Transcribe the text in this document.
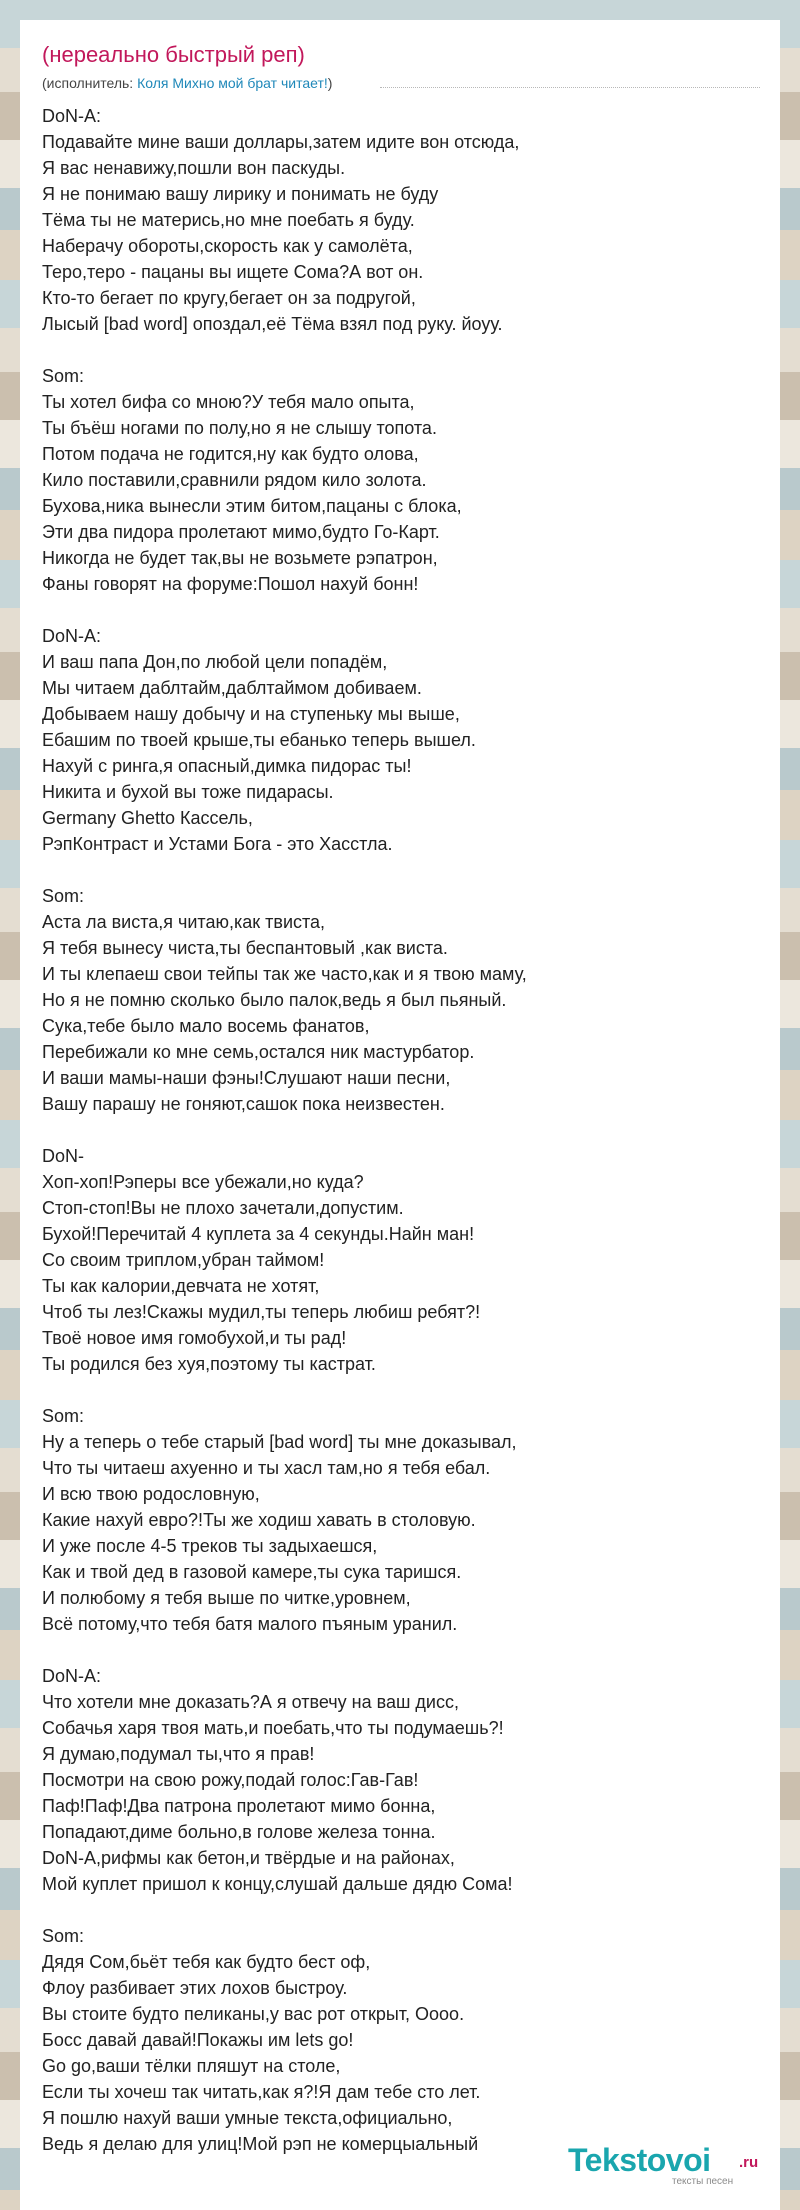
(нереально быстрый реп)
(исполнитель: Коля Михно мой брат читает!)
DoN-A:
Подавайте мине ваши доллары,затем идите вон отсюда,
Я вас ненавижу,пошли вон паскуды.
Я не понимаю вашу лирику и понимать не буду
Тёма ты не матерись,но мне поебать я буду.
Наберачу обороты,скорость как у самолёта,
Теро,теро - пацаны вы ищете Сома?А вот он.
Кто-то бегает по кругу,бегает он за подругой,
Лысый [bad word] опоздал,её Тёма взял под руку. йоуу.
Som:
Ты хотел бифа со мною?У тебя мало опыта,
Ты бъёш ногами по полу,но я не слышу топота.
Потом подача не годится,ну как будто олова,
Кило поставили,сравнили рядом кило золота.
Бухова,ника вынесли этим битом,пацаны с блока,
Эти два пидора пролетают мимо,будто Го-Карт.
Никогда не будет так,вы не возьмете рэпатрон,
Фаны говорят на форуме:Пошол нахуй бонн!
DoN-A:
И ваш папа Дон,по любой цели попадём,
Мы читаем даблтайм,даблтаймом добиваем.
Добываем нашу добычу и на ступеньку мы выше,
Ебашим по твоей крыше,ты ебанько теперь вышел.
Нахуй с ринга,я опасный,димка пидорас ты!
Никита и бухой вы тоже пидарасы.
Germany Ghetto Кассель,
РэпКонтраст и Устами Бога - это Хасстла.
Som:
Аста ла виста,я читаю,как твиста,
Я тебя вынесу чиста,ты беспантовый ,как виста.
И ты клепаеш свои тейпы так же часто,как и я твою маму,
Но я не помню сколько было палок,ведь я был пьяный.
Сука,тебе было мало восемь фанатов,
Перебижали ко мне семь,остался ник мастурбатор.
И ваши мамы-наши фэны!Слушают наши песни,
Вашу парашу не гоняют,сашок пока неизвестен.
DoN-
Хоп-хоп!Рэперы все убежали,но куда?
Стоп-стоп!Вы не плохо зачетали,допустим.
Бухой!Перечитай 4 куплета за 4 секунды.Найн ман!
Со своим триплом,убран таймом!
Ты как калории,девчата не хотят,
Чтоб ты лез!Скажы мудил,ты теперь любиш ребят?!
Твоё новое имя гомобухой,и ты рад!
Ты родился без хуя,поэтому ты кастрат.
Som:
Ну а теперь о тебе старый [bad word] ты мне доказывал,
Что ты читаеш ахуенно и ты хасл там,но я тебя ебал.
И всю твою родословную,
Какие нахуй евро?!Ты же ходиш хавать в столовую.
И уже после 4-5 треков ты задыхаешся,
Как и твой дед в газовой камере,ты сука таришся.
И полюбому я тебя выше по читке,уровнем,
Всё потому,что тебя батя малого пъяным уранил.
DoN-A:
Что хотели мне доказать?А я отвечу на ваш дисс,
Собачья харя твоя мать,и поебать,что ты подумаешь?!
Я думаю,подумал ты,что я прав!
Посмотри на свою рожу,подай голос:Гав-Гав!
Паф!Паф!Два патрона пролетают мимо бонна,
Попадают,диме больно,в голове железа тонна.
DoN-A,рифмы как бетон,и твёрдые и на районах,
Мой куплет пришол к концу,слушай дальше дядю Сома!
Som:
Дядя Сом,бьёт тебя как будто бест оф,
Флоу разбивает этих лохов быстроу.
Вы стоите будто пеликаны,у вас рот открыт, Оооо.
Босс давай давай!Покажы им lets go!
Go go,ваши тёлки пляшут на столе,
Если ты хочеш так читать,как я?!Я дам тебе сто лет.
Я пошлю нахуй ваши умные текста,официально,
Ведь я делаю для улиц!Мой рэп не комерцыальный	Tekstovoi .ru
тексты песен
